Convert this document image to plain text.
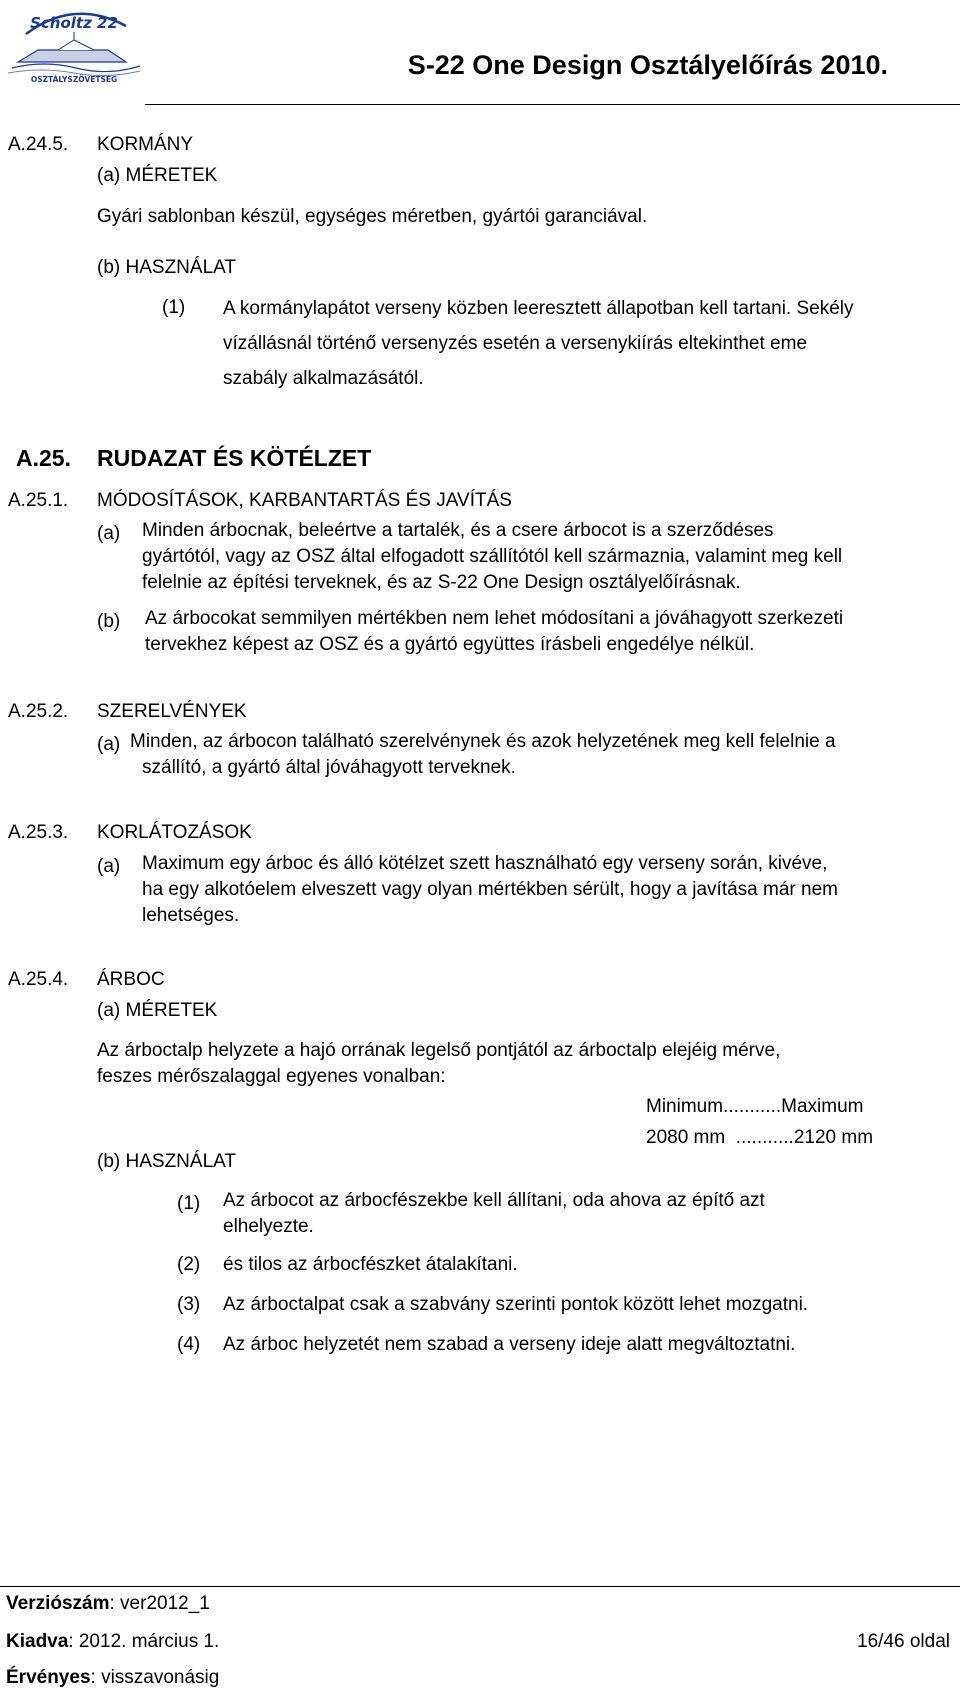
Scholtz 22
OSZTÁLYSZÖVETSÉG	S-22 One Design Osztályelőírás 2010.
A.24.5. KORMÁNY
(a) MÉRETEK
Gyári sablonban készül, egységes méretben, gyártói garanciával.
(b) HASZNÁLAT
(1) A kormánylapátot verseny közben leeresztett állapotban kell tartani. Sekély
vízállásnál történő versenyzés esetén a versenykiírás eltekinthet eme
szabály alkalmazásától.
A.25. RUDAZAT ÉS KÖTÉLZET
A.25.1. MÓDOSÍTÁSOK, KARBANTARTÁS ÉS JAVÍTÁS
(a) Minden árbocnak, beleértve a tartalék, és a csere árbocot is a szerződéses
gyártótól, vagy az OSZ által elfogadott szállítótól kell származnia, valamint meg kell
felelnie az építési terveknek, és az S-22 One Design osztályelőírásnak.
(b) Az árbocokat semmilyen mértékben nem lehet módosítani a jóváhagyott szerkezeti
tervekhez képest az OSZ és a gyártó együttes írásbeli engedélye nélkül.
A.25.2. SZERELVÉNYEK
(a) Minden, az árbocon található szerelvénynek és azok helyzetének meg kell felelnie a
szállító, a gyártó által jóváhagyott terveknek.
A.25.3. KORLÁTOZÁSOK
(a) Maximum egy árboc és álló kötélzet szett használható egy verseny során, kivéve,
ha egy alkotóelem elveszett vagy olyan mértékben sérült, hogy a javítása már nem
lehetséges.
A.25.4. ÁRBOC
(a) MÉRETEK
Az árboctalp helyzete a hajó orrának legelső pontjától az árboctalp elejéig mérve,
feszes mérőszalaggal egyenes vonalban:
Minimum...........Maximum
2080 mm  ...........2120 mm
(b) HASZNÁLAT
(1) Az árbocot az árbocfészekbe kell állítani, oda ahova az építő azt
elhelyezte.
(2) és tilos az árbocfészket átalakítani.
(3) Az árboctalpat csak a szabvány szerinti pontok között lehet mozgatni.
(4) Az árboc helyzetét nem szabad a verseny ideje alatt megváltoztatni.
Verziószám: ver2012_1
Kiadva: 2012. március 1.	16/46 oldal
Érvényes: visszavonásig
